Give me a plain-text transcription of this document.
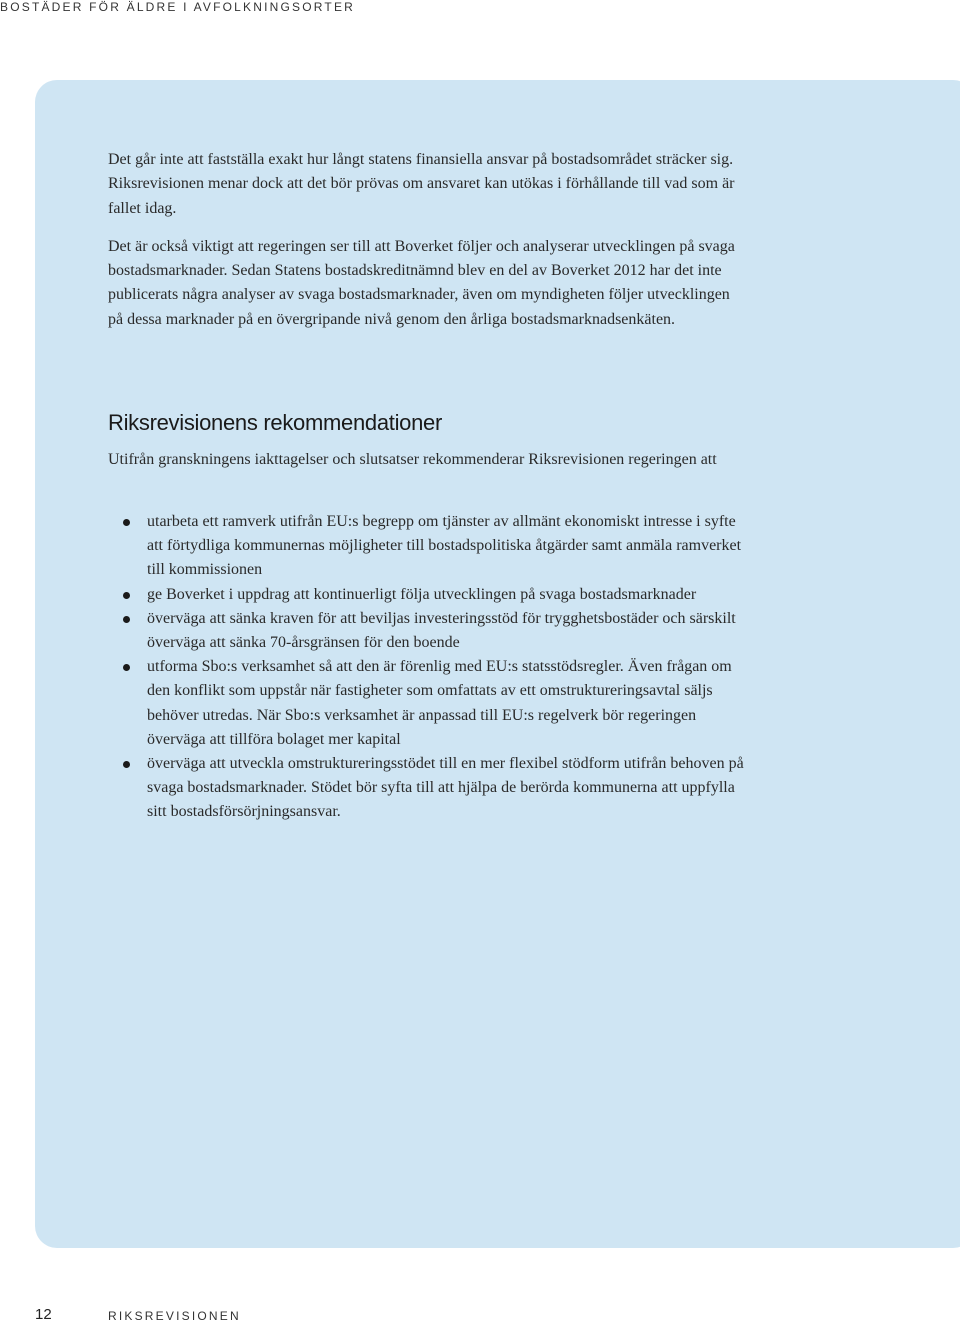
BOSTÄDER FÖR ÄLDRE I AVFOLKNINGSORTER

Det går inte att fastställa exakt hur långt statens finansiella ansvar på bostadsområdet sträcker sig. Riksrevisionen menar dock att det bör prövas om ansvaret kan utökas i förhållande till vad som är fallet idag.

Det är också viktigt att regeringen ser till att Boverket följer och analyserar utvecklingen på svaga bostadsmarknader. Sedan Statens bostadskreditnämnd blev en del av Boverket 2012 har det inte publicerats några analyser av svaga bostadsmarknader, även om myndigheten följer utvecklingen på dessa marknader på en övergripande nivå genom den årliga bostadsmarknadsenkäten.

Riksrevisionens rekommendationer

Utifrån granskningens iakttagelser och slutsatser rekommenderar Riksrevisionen regeringen att

utarbeta ett ramverk utifrån EU:s begrepp om tjänster av allmänt ekonomiskt intresse i syfte att förtydliga kommunernas möjligheter till bostadspolitiska åtgärder samt anmäla ramverket till kommissionen
ge Boverket i uppdrag att kontinuerligt följa utvecklingen på svaga bostadsmarknader
överväga att sänka kraven för att beviljas investeringsstöd för trygghetsbostäder och särskilt överväga att sänka 70-årsgränsen för den boende
utforma Sbo:s verksamhet så att den är förenlig med EU:s statsstödsregler. Även frågan om den konflikt som uppstår när fastigheter som omfattats av ett omstruktureringsavtal säljs behöver utredas. När Sbo:s verksamhet är anpassad till EU:s regelverk bör regeringen överväga att tillföra bolaget mer kapital
överväga att utveckla omstruktureringsstödet till en mer flexibel stödform utifrån behoven på svaga bostadsmarknader. Stödet bör syfta till att hjälpa de berörda kommunerna att uppfylla sitt bostadsförsörjningsansvar.
12	RIKSREVISIONEN
